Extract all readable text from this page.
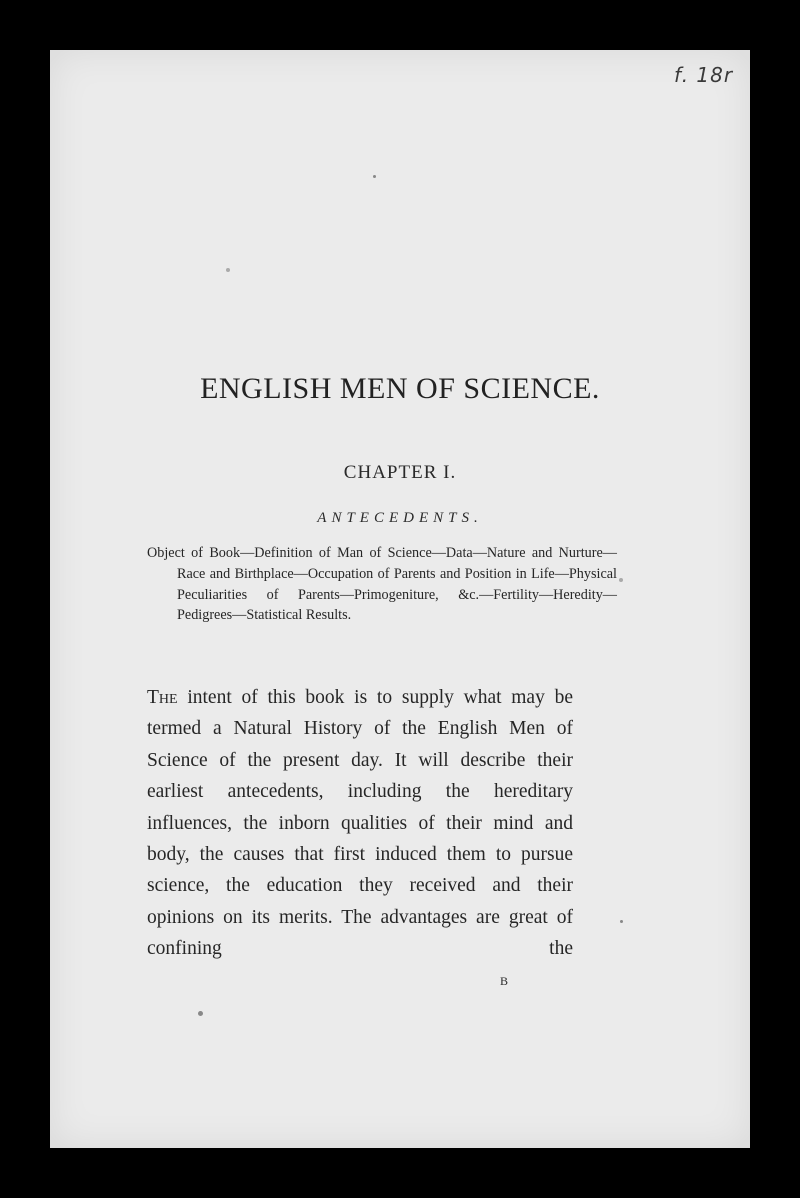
f. 18r
ENGLISH MEN OF SCIENCE.
CHAPTER I.
ANTECEDENTS.

Object of Book—Definition of Man of Science—Data—Nature and Nurture—Race and Birthplace—Occupation of Parents and Position in Life—Physical Peculiarities of Parents—Primogeniture, &c.—Fertility—Heredity—Pedigrees—Statistical Results.

The intent of this book is to supply what may be termed a Natural History of the English Men of Science of the present day. It will describe their earliest antecedents, including the hereditary influences, the inborn qualities of their mind and body, the causes that first induced them to pursue science, the education they received and their opinions on its merits. The advantages are great of confining the

B
